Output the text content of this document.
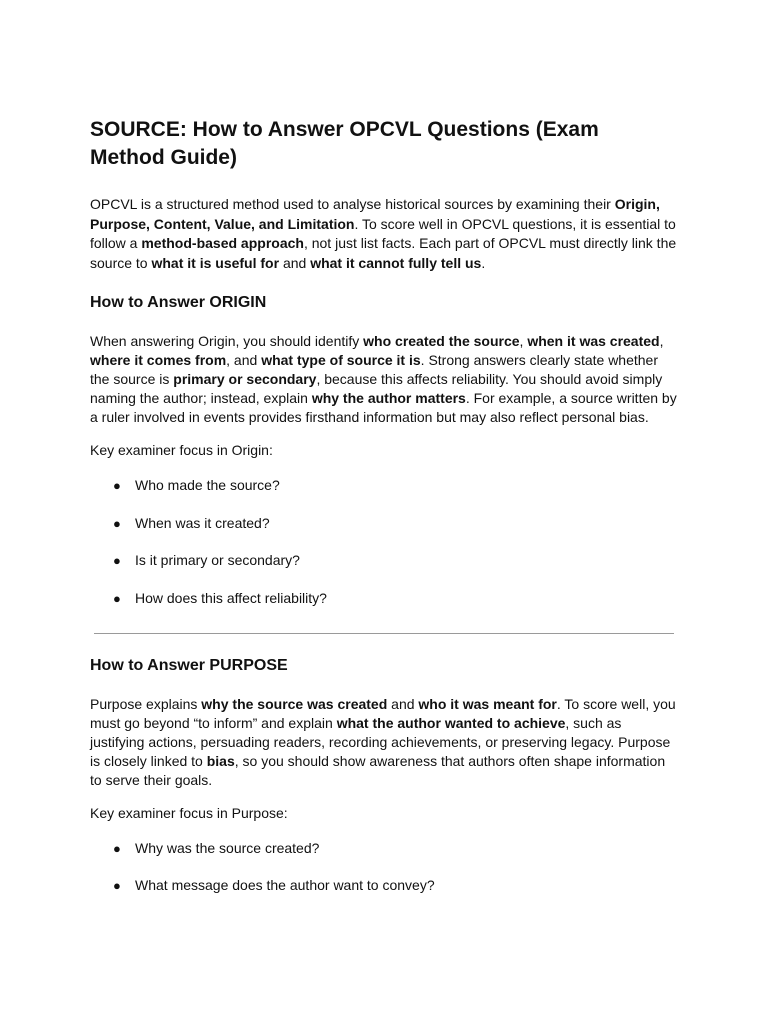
SOURCE: How to Answer OPCVL Questions (Exam Method Guide)

OPCVL is a structured method used to analyse historical sources by examining their Origin, Purpose, Content, Value, and Limitation. To score well in OPCVL questions, it is essential to follow a method-based approach, not just list facts. Each part of OPCVL must directly link the source to what it is useful for and what it cannot fully tell us.

How to Answer ORIGIN

When answering Origin, you should identify who created the source, when it was created, where it comes from, and what type of source it is. Strong answers clearly state whether the source is primary or secondary, because this affects reliability. You should avoid simply naming the author; instead, explain why the author matters. For example, a source written by a ruler involved in events provides firsthand information but may also reflect personal bias.

Key examiner focus in Origin:

● Who made the source?
● When was it created?
● Is it primary or secondary?
● How does this affect reliability?
How to Answer PURPOSE

Purpose explains why the source was created and who it was meant for. To score well, you must go beyond “to inform” and explain what the author wanted to achieve, such as justifying actions, persuading readers, recording achievements, or preserving legacy. Purpose is closely linked to bias, so you should show awareness that authors often shape information to serve their goals.

Key examiner focus in Purpose:

● Why was the source created?
● What message does the author want to convey?
